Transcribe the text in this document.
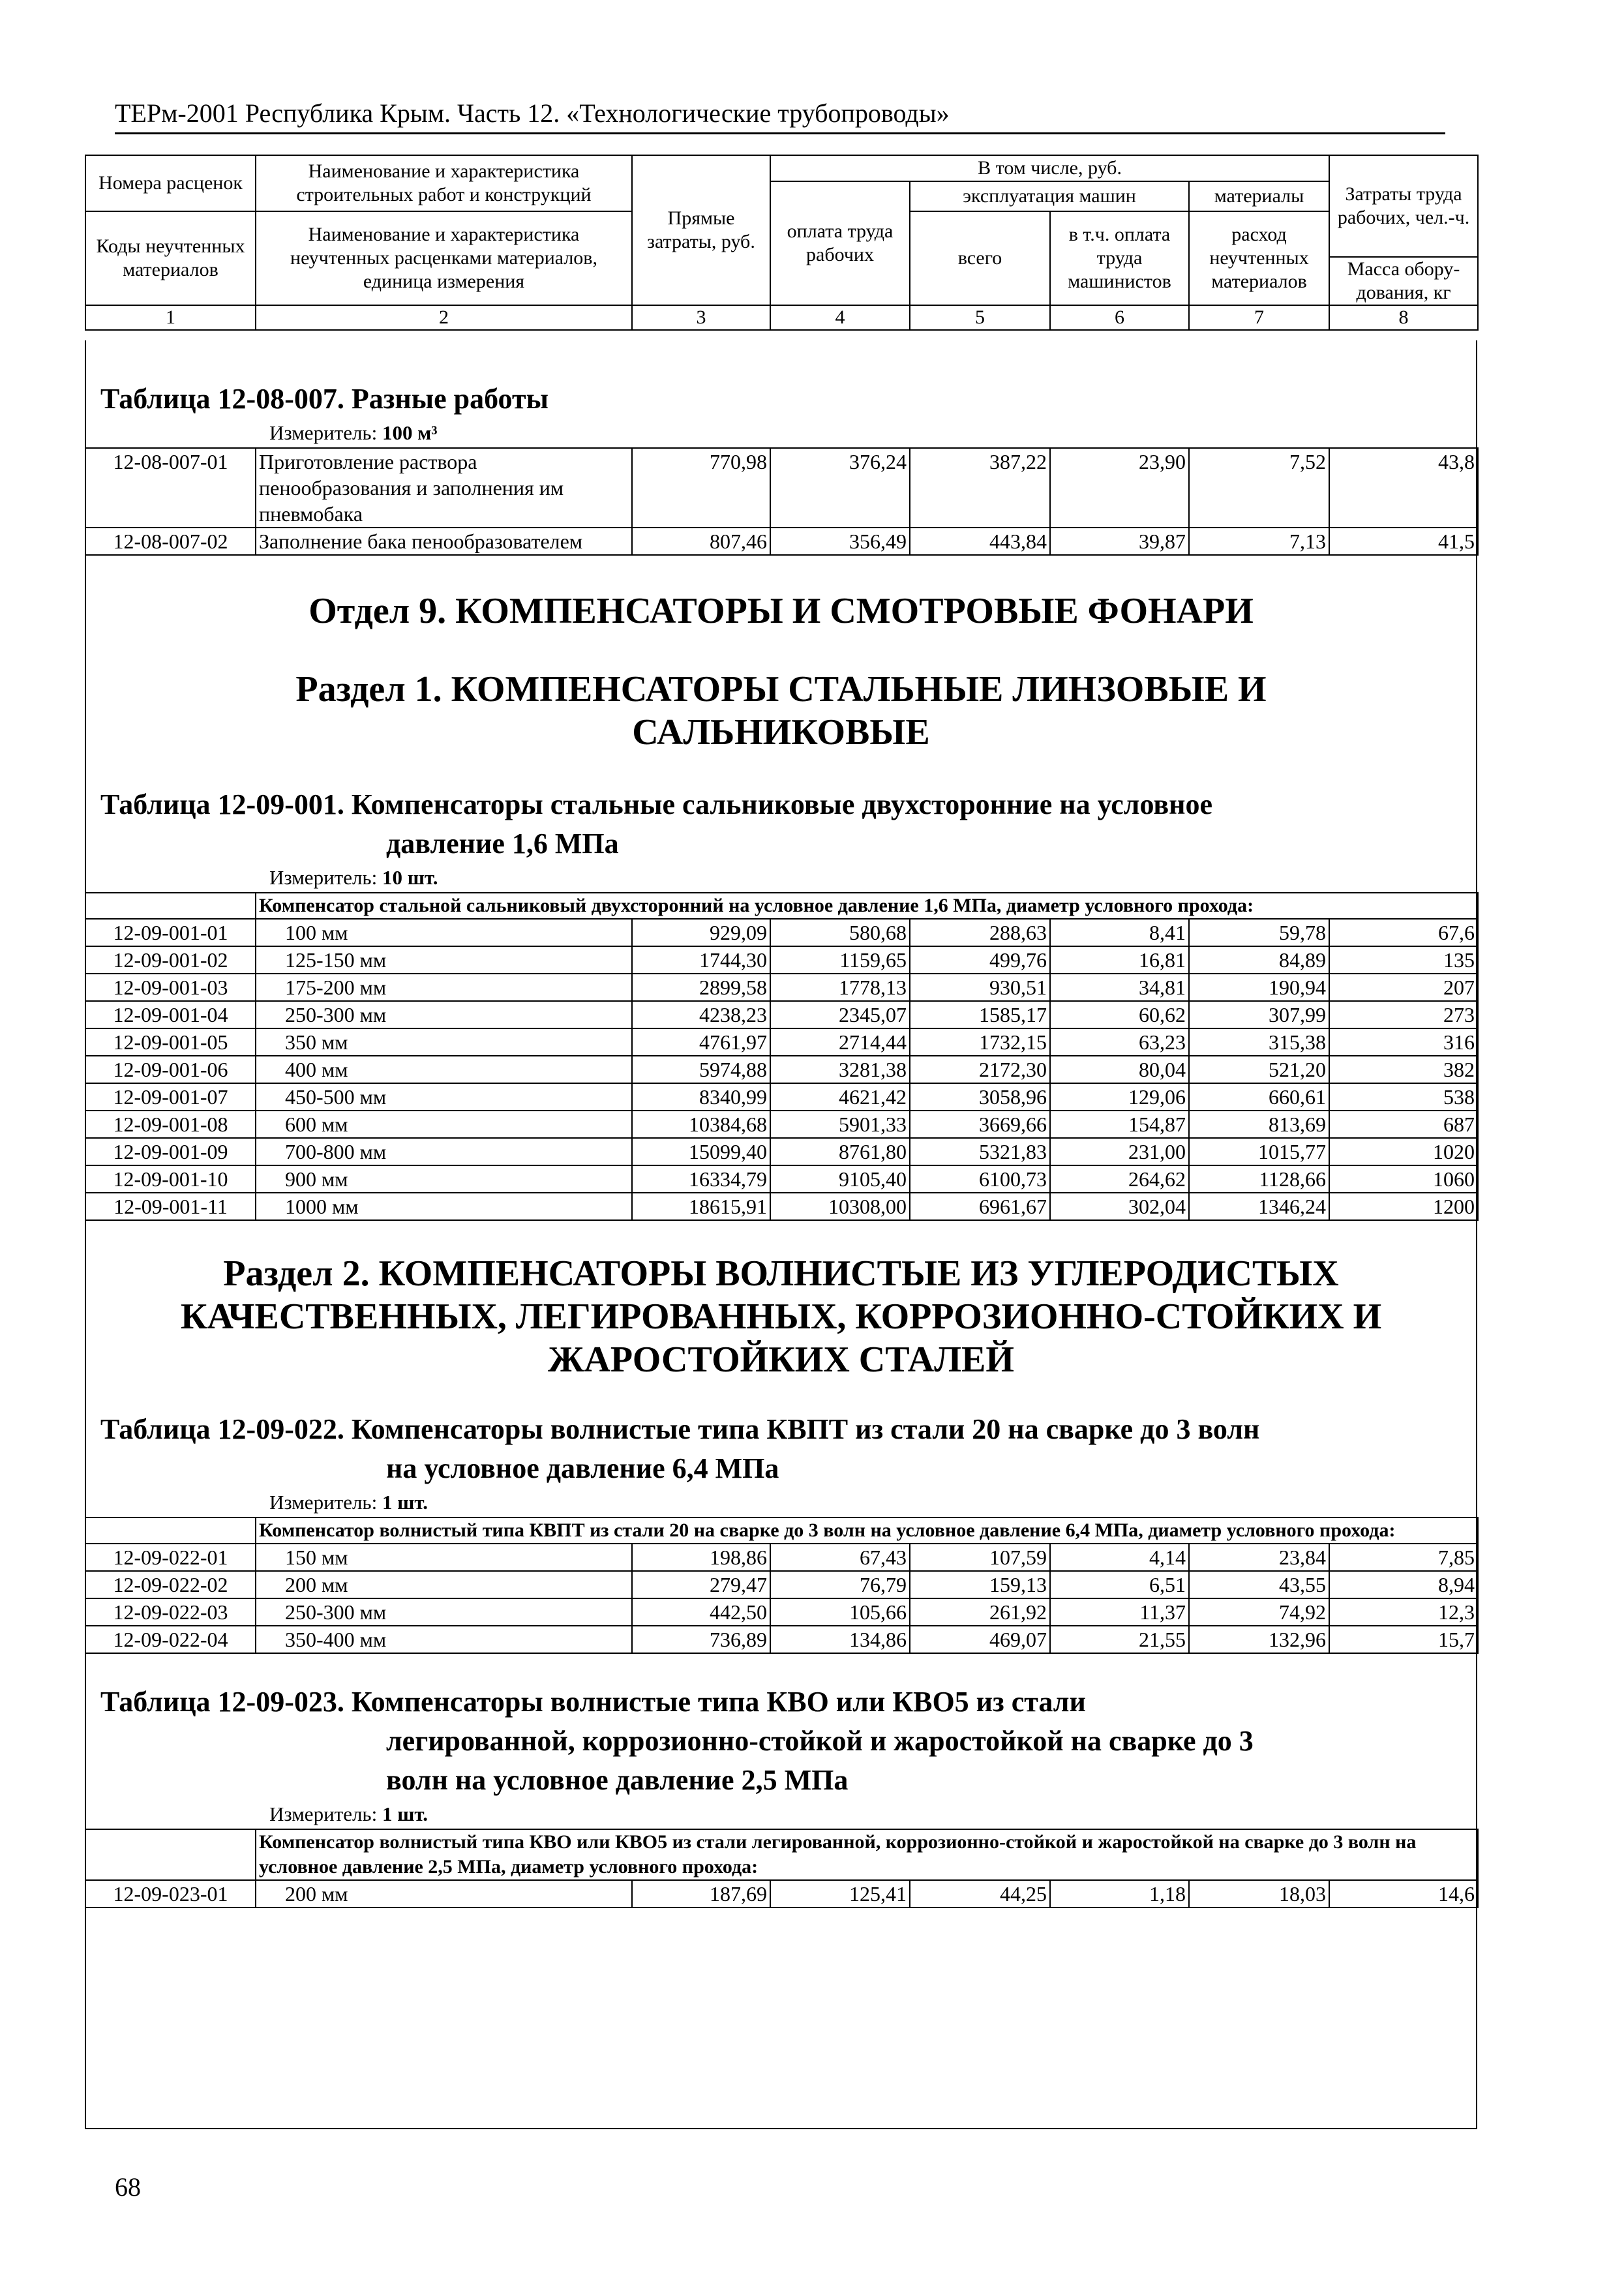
ТЕРм-2001 Республика Крым. Часть 12. «Технологические трубопроводы»
Номера расценок	Наименование и характеристика строительных работ и конструкций	Прямые затраты, руб.	В том числе, руб.				Затраты труда рабочих, чел.-ч.
			оплата труда рабочих	эксплуатация машин		материалы	
Коды неучтенных материалов	Наименование и характеристика неучтенных расценками материалов, единица измерения			всего	в т.ч. оплата труда машинистов	расход неучтенных материалов	
							Масса обору-дования, кг
1	2	3	4	5	6	7	8
Таблица 12-08-007. Разные работы
Измеритель: 100 м³
12-08-007-01	Приготовление раствора пенообразования и заполнения им пневмобака	770,98	376,24	387,22	23,90	7,52	43,8
12-08-007-02	Заполнение бака пенообразователем	807,46	356,49	443,84	39,87	7,13	41,5
Отдел 9. КОМПЕНСАТОРЫ И СМОТРОВЫЕ ФОНАРИ
Раздел 1. КОМПЕНСАТОРЫ СТАЛЬНЫЕ ЛИНЗОВЫЕ И
САЛЬНИКОВЫЕ
Таблица 12-09-001. Компенсаторы стальные сальниковые двухсторонние на условное
давление 1,6 МПа
Измеритель: 10 шт.
	Компенсатор стальной сальниковый двухсторонний на условное давление 1,6 МПа, диаметр условного прохода:						
12-09-001-01	100 мм	929,09	580,68	288,63	8,41	59,78	67,6
12-09-001-02	125-150 мм	1744,30	1159,65	499,76	16,81	84,89	135
12-09-001-03	175-200 мм	2899,58	1778,13	930,51	34,81	190,94	207
12-09-001-04	250-300 мм	4238,23	2345,07	1585,17	60,62	307,99	273
12-09-001-05	350 мм	4761,97	2714,44	1732,15	63,23	315,38	316
12-09-001-06	400 мм	5974,88	3281,38	2172,30	80,04	521,20	382
12-09-001-07	450-500 мм	8340,99	4621,42	3058,96	129,06	660,61	538
12-09-001-08	600 мм	10384,68	5901,33	3669,66	154,87	813,69	687
12-09-001-09	700-800 мм	15099,40	8761,80	5321,83	231,00	1015,77	1020
12-09-001-10	900 мм	16334,79	9105,40	6100,73	264,62	1128,66	1060
12-09-001-11	1000 мм	18615,91	10308,00	6961,67	302,04	1346,24	1200
Раздел 2. КОМПЕНСАТОРЫ ВОЛНИСТЫЕ ИЗ УГЛЕРОДИСТЫХ
КАЧЕСТВЕННЫХ, ЛЕГИРОВАННЫХ, КОРРОЗИОННО-СТОЙКИХ И
ЖАРОСТОЙКИХ СТАЛЕЙ
Таблица 12-09-022. Компенсаторы волнистые типа КВПТ из стали 20 на сварке до 3 волн
на условное давление 6,4 МПа
Измеритель: 1 шт.
	Компенсатор волнистый типа КВПТ из стали 20 на сварке до 3 волн на условное давление 6,4 МПа, диаметр условного прохода:						
12-09-022-01	150 мм	198,86	67,43	107,59	4,14	23,84	7,85
12-09-022-02	200 мм	279,47	76,79	159,13	6,51	43,55	8,94
12-09-022-03	250-300 мм	442,50	105,66	261,92	11,37	74,92	12,3
12-09-022-04	350-400 мм	736,89	134,86	469,07	21,55	132,96	15,7
Таблица 12-09-023. Компенсаторы волнистые типа КВО или КВО5 из стали
легированной, коррозионно-стойкой и жаростойкой на сварке до 3
волн на условное давление 2,5 МПа
Измеритель: 1 шт.
	Компенсатор волнистый типа КВО или КВО5 из стали легированной, коррозионно-стойкой и жаростойкой на сварке до 3 волн на условное давление 2,5 МПа, диаметр условного прохода:						
12-09-023-01	200 мм	187,69	125,41	44,25	1,18	18,03	14,6
68
